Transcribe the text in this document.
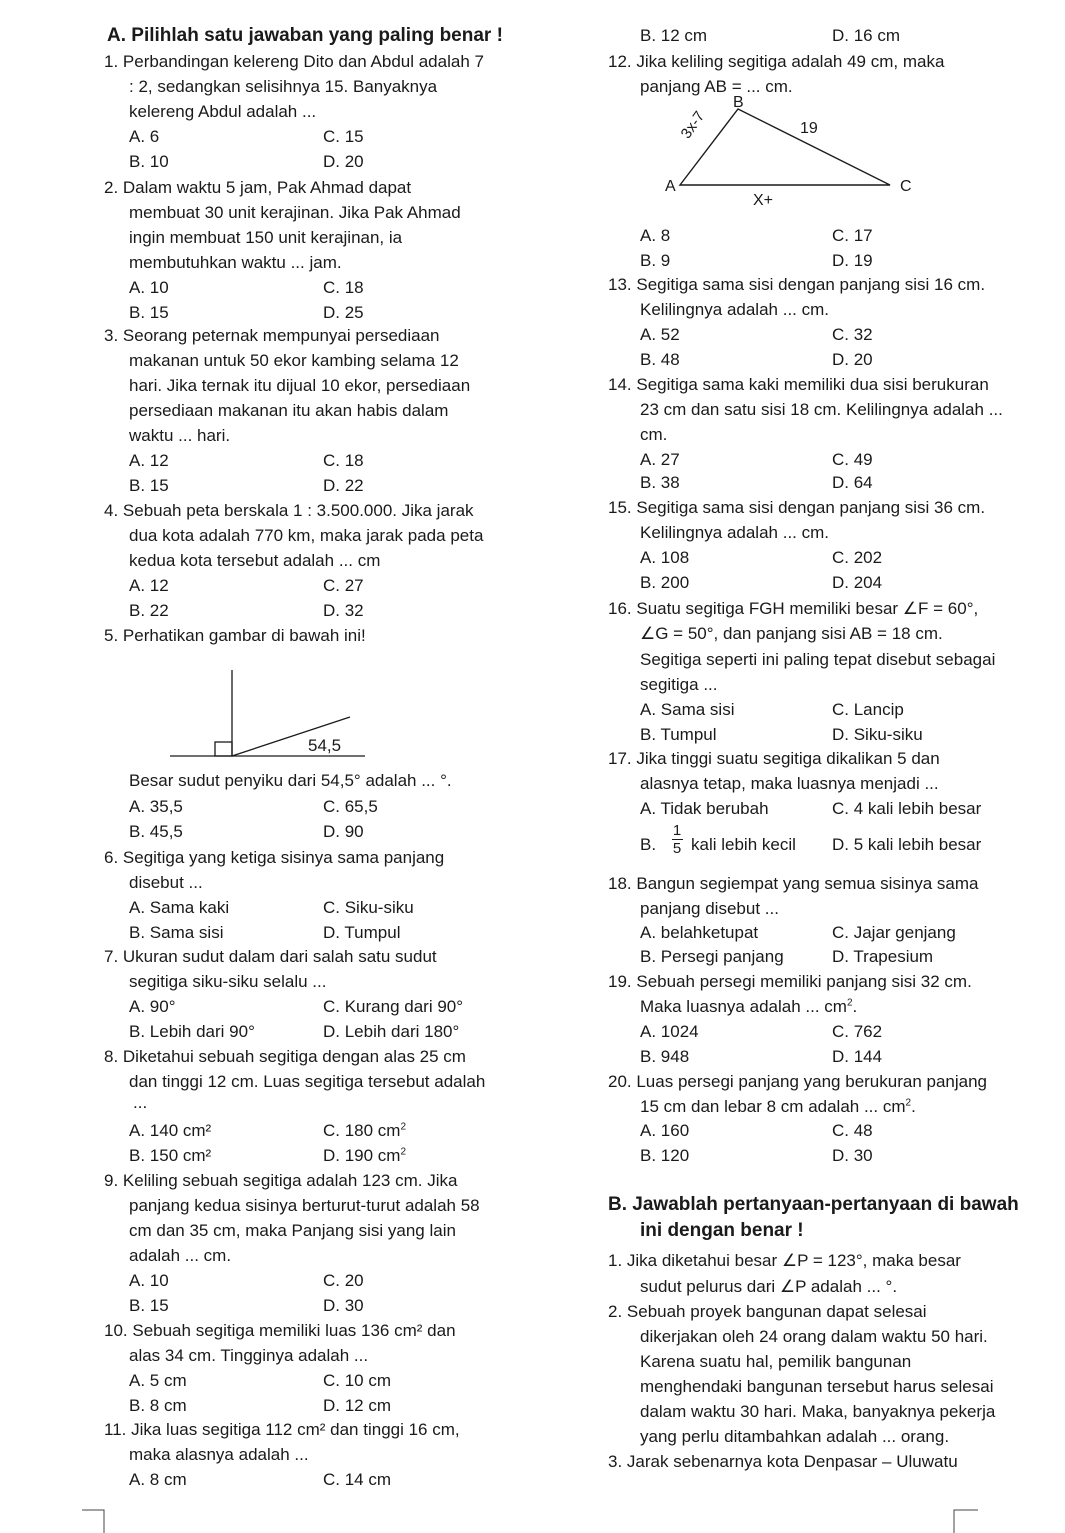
A. Pilihlah satu jawaban yang paling benar !
1. Perbandingan kelereng Dito dan Abdul adalah 7
: 2, sedangkan selisihnya 15. Banyaknya
kelereng Abdul adalah ...
A. 6	C. 15
B. 10	D. 20
2. Dalam waktu 5 jam, Pak Ahmad dapat
membuat 30 unit kerajinan. Jika Pak Ahmad
ingin membuat 150 unit kerajinan, ia
membutuhkan waktu ... jam.
A. 10	C. 18
B. 15	D. 25
3. Seorang peternak mempunyai persediaan
makanan untuk 50 ekor kambing selama 12
hari. Jika ternak itu dijual 10 ekor, persediaan
persediaan makanan itu akan habis dalam
waktu ... hari.
A. 12	C. 18
B. 15	D. 22
4. Sebuah peta berskala 1 : 3.500.000. Jika jarak
dua kota adalah 770 km, maka jarak pada peta
kedua kota tersebut adalah ... cm
A. 12	C. 27
B. 22	D. 32
5. Perhatikan gambar di bawah ini!
54,5
Besar sudut penyiku dari 54,5° adalah ... °.
A. 35,5	C. 65,5
B. 45,5	D. 90
6. Segitiga yang ketiga sisinya sama panjang
disebut ...
A. Sama kaki	C. Siku-siku
B. Sama sisi	D. Tumpul
7. Ukuran sudut dalam dari salah satu sudut
segitiga siku-siku selalu ...
A. 90°	C. Kurang dari 90°
B. Lebih dari 90°	D. Lebih dari 180°
8. Diketahui sebuah segitiga dengan alas 25 cm
dan tinggi 12 cm. Luas segitiga tersebut adalah
...
A. 140 cm²	C. 180 $cm^2$
B. 150 cm²	D. 190 $cm^2$
9. Keliling sebuah segitiga adalah 123 cm. Jika
panjang kedua sisinya berturut-turut adalah 58
cm dan 35 cm, maka Panjang sisi yang lain
adalah ... cm.
A. 10	C. 20
B. 15	D. 30
10. Sebuah segitiga memiliki luas 136 cm² dan
alas 34 cm. Tingginya adalah ...
A. 5 cm	C. 10 cm
B. 8 cm	D. 12 cm
11. Jika luas segitiga 112 cm² dan tinggi 16 cm,
maka alasnya adalah ...
A. 8 cm	C. 14 cm
B. 12 cm	D. 16 cm
12. Jika keliling segitiga adalah 49 cm, maka
panjang AB = ... cm.
B
A	C
3x-7	19
X+
A. 8	C. 17
B. 9	D. 19
13. Segitiga sama sisi dengan panjang sisi 16 cm.
Kelilingnya adalah ... cm.
A. 52	C. 32
B. 48	D. 20
14. Segitiga sama kaki memiliki dua sisi berukuran
23 cm dan satu sisi 18 cm. Kelilingnya adalah ...
cm.
A. 27	C. 49
B. 38	D. 64
15. Segitiga sama sisi dengan panjang sisi 36 cm.
Kelilingnya adalah ... cm.
A. 108	C. 202
B. 200	D. 204
16. Suatu segitiga FGH memiliki besar ∠F = 60°,
∠G = 50°, dan panjang sisi AB = 18 cm.
Segitiga seperti ini paling tepat disebut sebagai
segitiga ...
A. Sama sisi	C. Lancip
B. Tumpul	D. Siku-siku
17. Jika tinggi suatu segitiga dikalikan 5 dan
alasnya tetap, maka luasnya menjadi ...
A. Tidak berubah	C. 4 kali lebih besar
B.
1
5 kali lebih kecil D. 5 kali lebih besar
18. Bangun segiempat yang semua sisinya sama
panjang disebut ...
A. belahketupat	C. Jajar genjang
B. Persegi panjang	D. Trapesium
19. Sebuah persegi memiliki panjang sisi 32 cm.
Maka luasnya adalah ... $cm^2$.
A. 1024	C. 762
B. 948	D. 144
20. Luas persegi panjang yang berukuran panjang
15 cm dan lebar 8 cm adalah ... $cm^2$.
A. 160	C. 48
B. 120	D. 30
B. Jawablah pertanyaan-pertanyaan di bawah
ini dengan benar !
1. Jika diketahui besar ∠P = 123°, maka besar
sudut pelurus dari ∠P adalah ... °.
2. Sebuah proyek bangunan dapat selesai
dikerjakan oleh 24 orang dalam waktu 50 hari.
Karena suatu hal, pemilik bangunan
menghendaki bangunan tersebut harus selesai
dalam waktu 30 hari. Maka, banyaknya pekerja
yang perlu ditambahkan adalah ... orang.
3. Jarak sebenarnya kota Denpasar – Uluwatu
